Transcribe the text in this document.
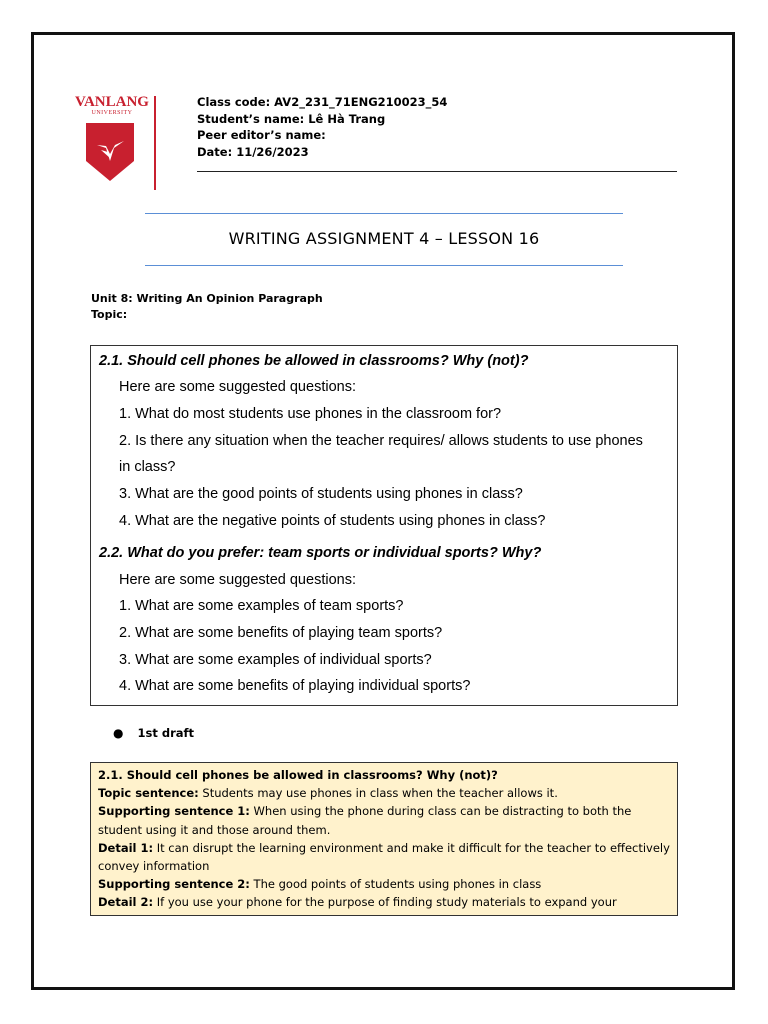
VANLANG
UNIVERSITY
Class code: AV2_231_71ENG210023_54
Student’s name: Lê Hà Trang
Peer editor’s name:
Date: 11/26/2023
WRITING ASSIGNMENT 4 – LESSON 16
Unit 8: Writing An Opinion Paragraph
Topic:
2.1. Should cell phones be allowed in classrooms? Why (not)?
Here are some suggested questions:
1. What do most students use phones in the classroom for?
2. Is there any situation when the teacher requires/ allows students to use phones
in class?
3. What are the good points of students using phones in class?
4. What are the negative points of students using phones in class?
2.2. What do you prefer: team sports or individual sports? Why?
Here are some suggested questions:
1. What are some examples of team sports?
2. What are some benefits of playing team sports?
3. What are some examples of individual sports?
4. What are some benefits of playing individual sports?
● 1st draft

2.1. Should cell phones be allowed in classrooms? Why (not)?

Topic sentence: Students may use phones in class when the teacher allows it.

Supporting sentence 1: When using the phone during class can be distracting to both the student using it and those around them.

Detail 1: It can disrupt the learning environment and make it difficult for the teacher to effectively convey information

Supporting sentence 2: The good points of students using phones in class

Detail 2: If you use your phone for the purpose of finding study materials to expand your
